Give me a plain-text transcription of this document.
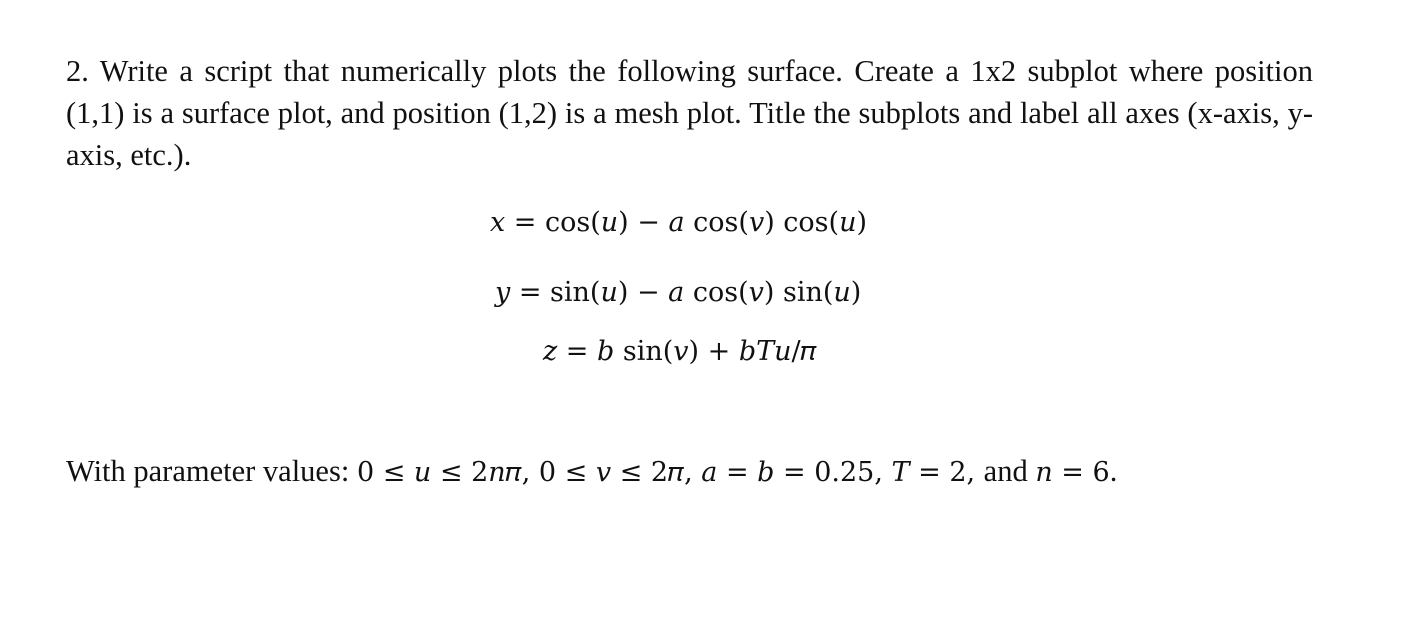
2. Write a script that numerically plots the following surface. Create a 1x2 subplot where position (1,1) is a surface plot, and position (1,2) is a mesh plot. Title the subplots and label all axes (x-axis, y-axis, etc.).

𝑥 = cos(𝑢) − 𝑎 cos(𝑣) cos(𝑢)
𝑦 = sin(𝑢) − 𝑎 cos(𝑣) sin(𝑢)
𝑧 = 𝑏 sin(𝑣) + 𝑏𝑇𝑢/𝜋
With parameter values: 0 ≤ 𝑢 ≤ 2𝑛𝜋, 0 ≤ 𝑣 ≤ 2𝜋, 𝑎 = 𝑏 = 0.25, 𝑇 = 2, and 𝑛 = 6.
